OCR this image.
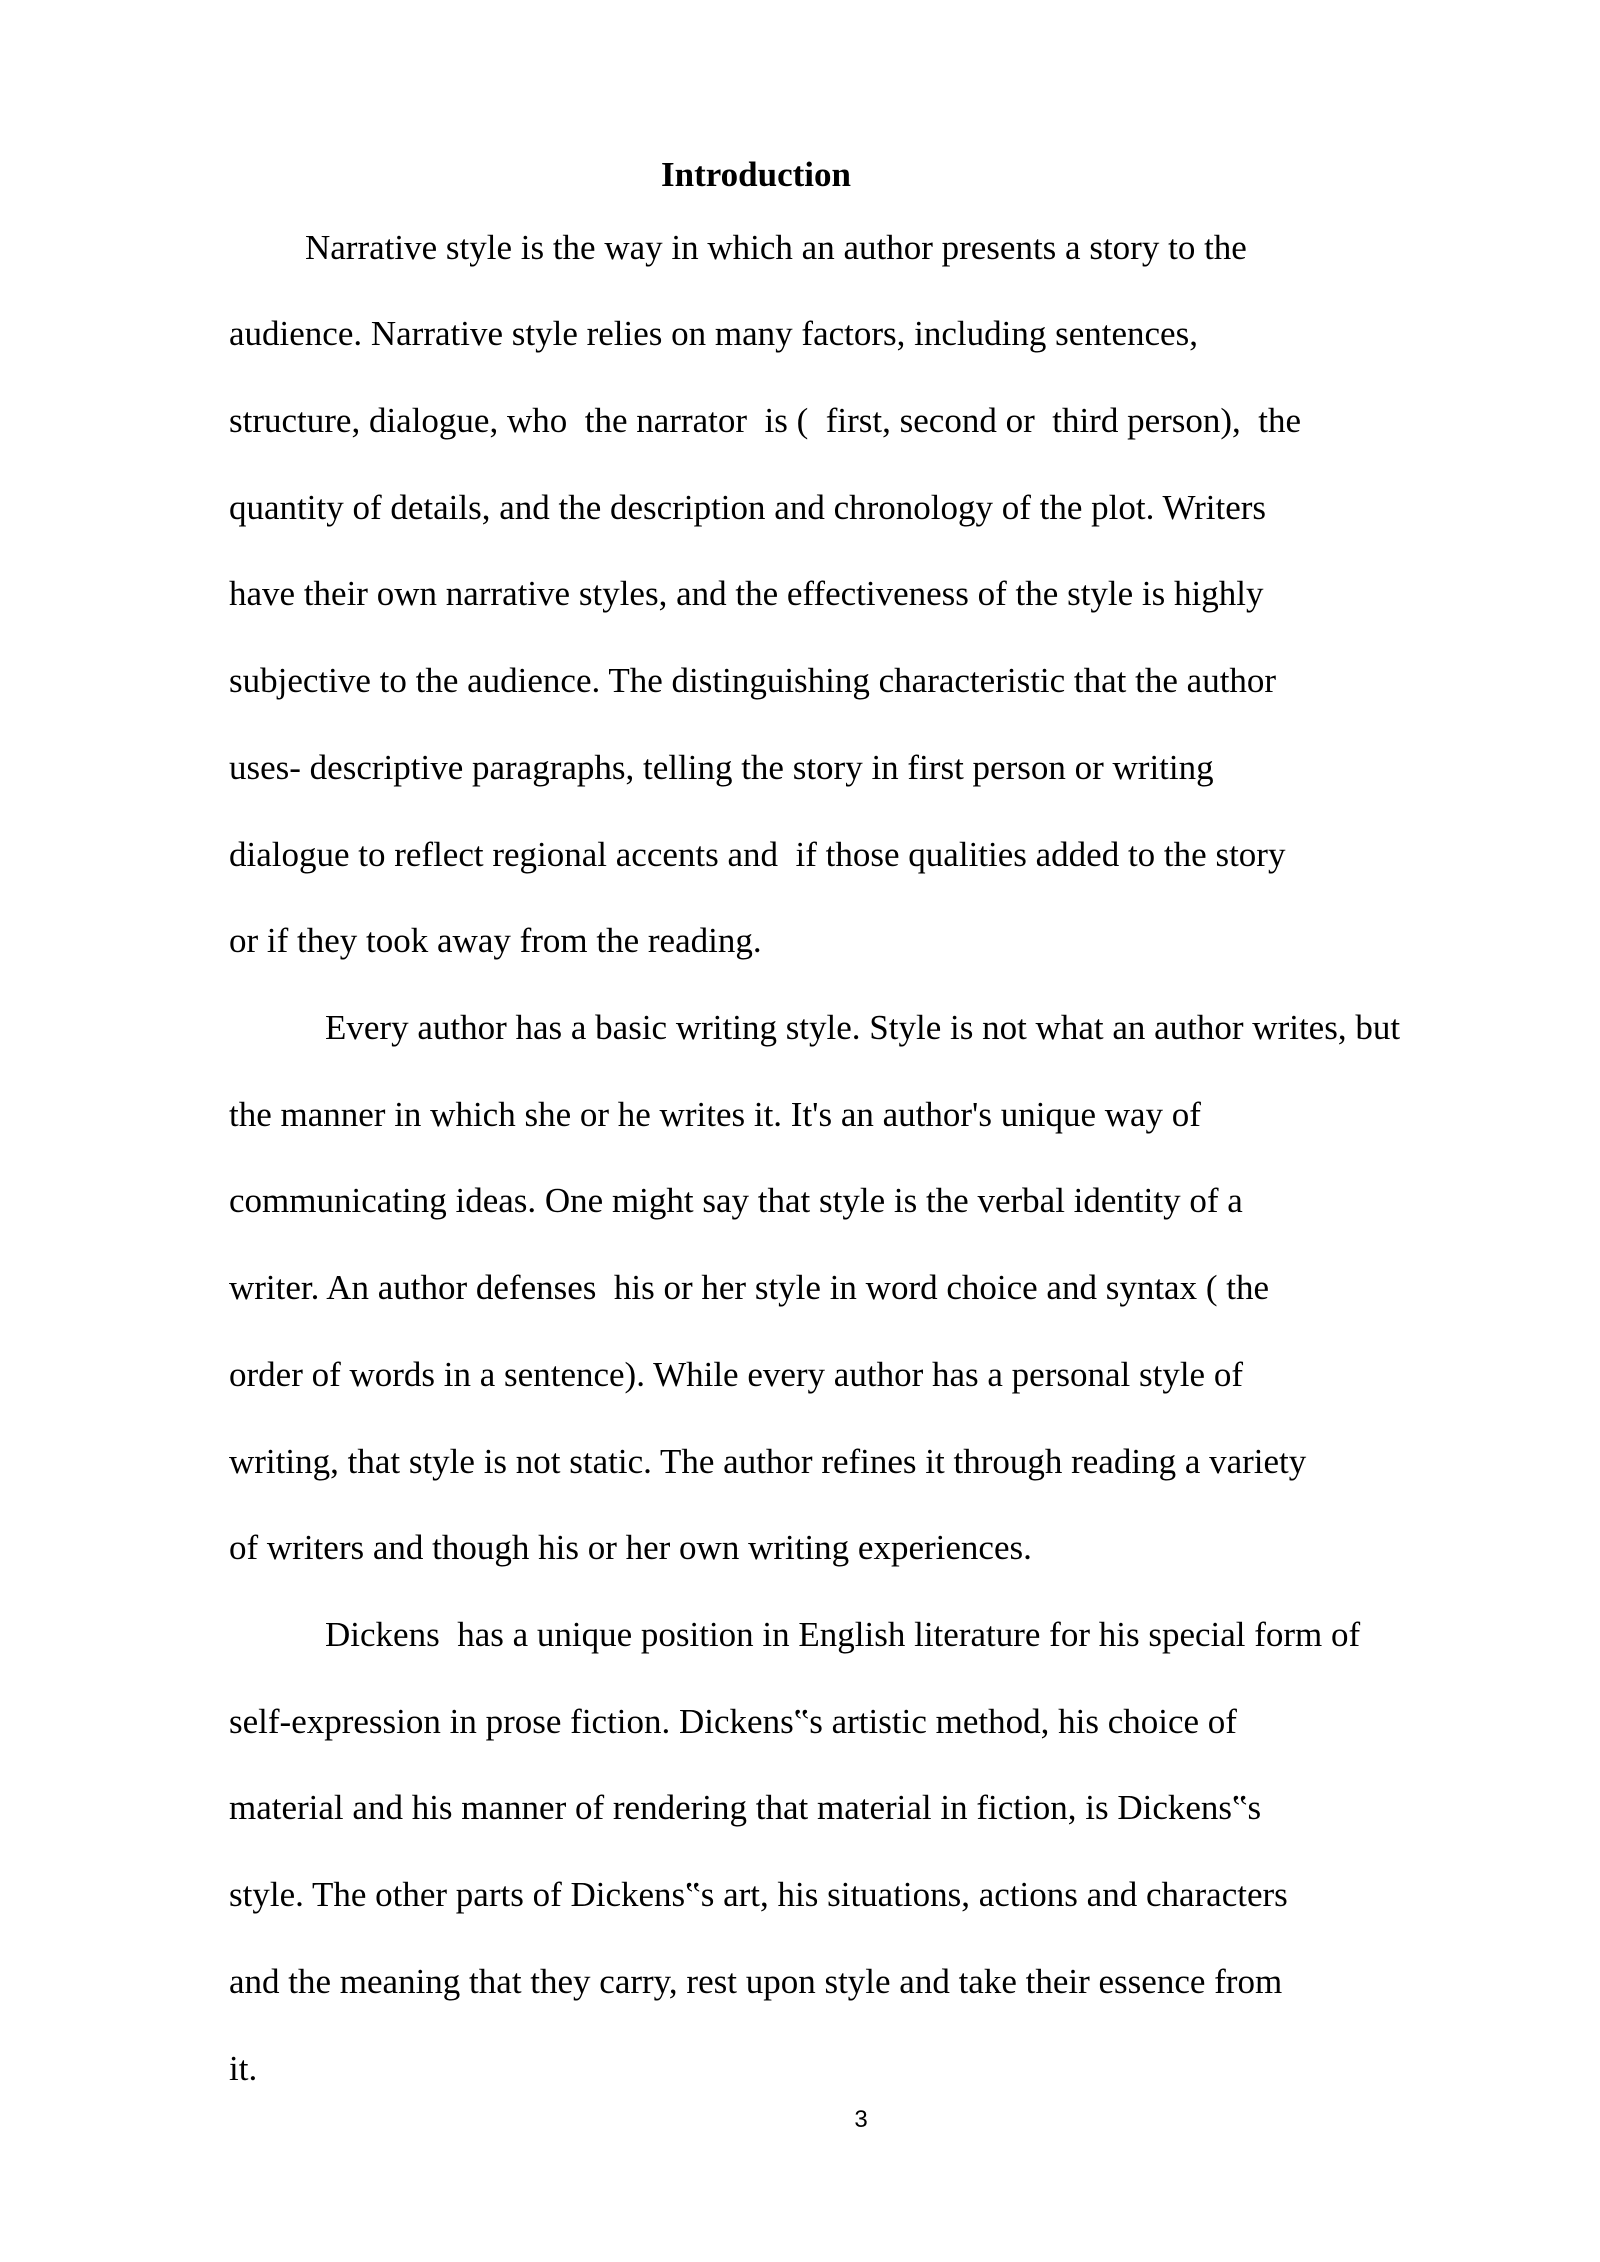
Introduction

Narrative style is the way in which an author presents a story to the

audience. Narrative style relies on many factors, including sentences,

structure, dialogue, who  the narrator  is (  first, second or  third person),  the

quantity of details, and the description and chronology of the plot. Writers

have their own narrative styles, and the effectiveness of the style is highly

subjective to the audience. The distinguishing characteristic that the author

uses- descriptive paragraphs, telling the story in first person or writing

dialogue to reflect regional accents and  if those qualities added to the story

or if they took away from the reading.

Every author has a basic writing style. Style is not what an author writes, but

the manner in which she or he writes it. It's an author's unique way of

communicating ideas. One might say that style is the verbal identity of a

writer. An author defenses  his or her style in word choice and syntax ( the

order of words in a sentence). While every author has a personal style of

writing, that style is not static. The author refines it through reading a variety

of writers and though his or her own writing experiences.

Dickens  has a unique position in English literature for his special form of

self-expression in prose fiction. Dickens‟s artistic method, his choice of

material and his manner of rendering that material in fiction, is Dickens‟s

style. The other parts of Dickens‟s art, his situations, actions and characters

and the meaning that they carry, rest upon style and take their essence from

it.

3
